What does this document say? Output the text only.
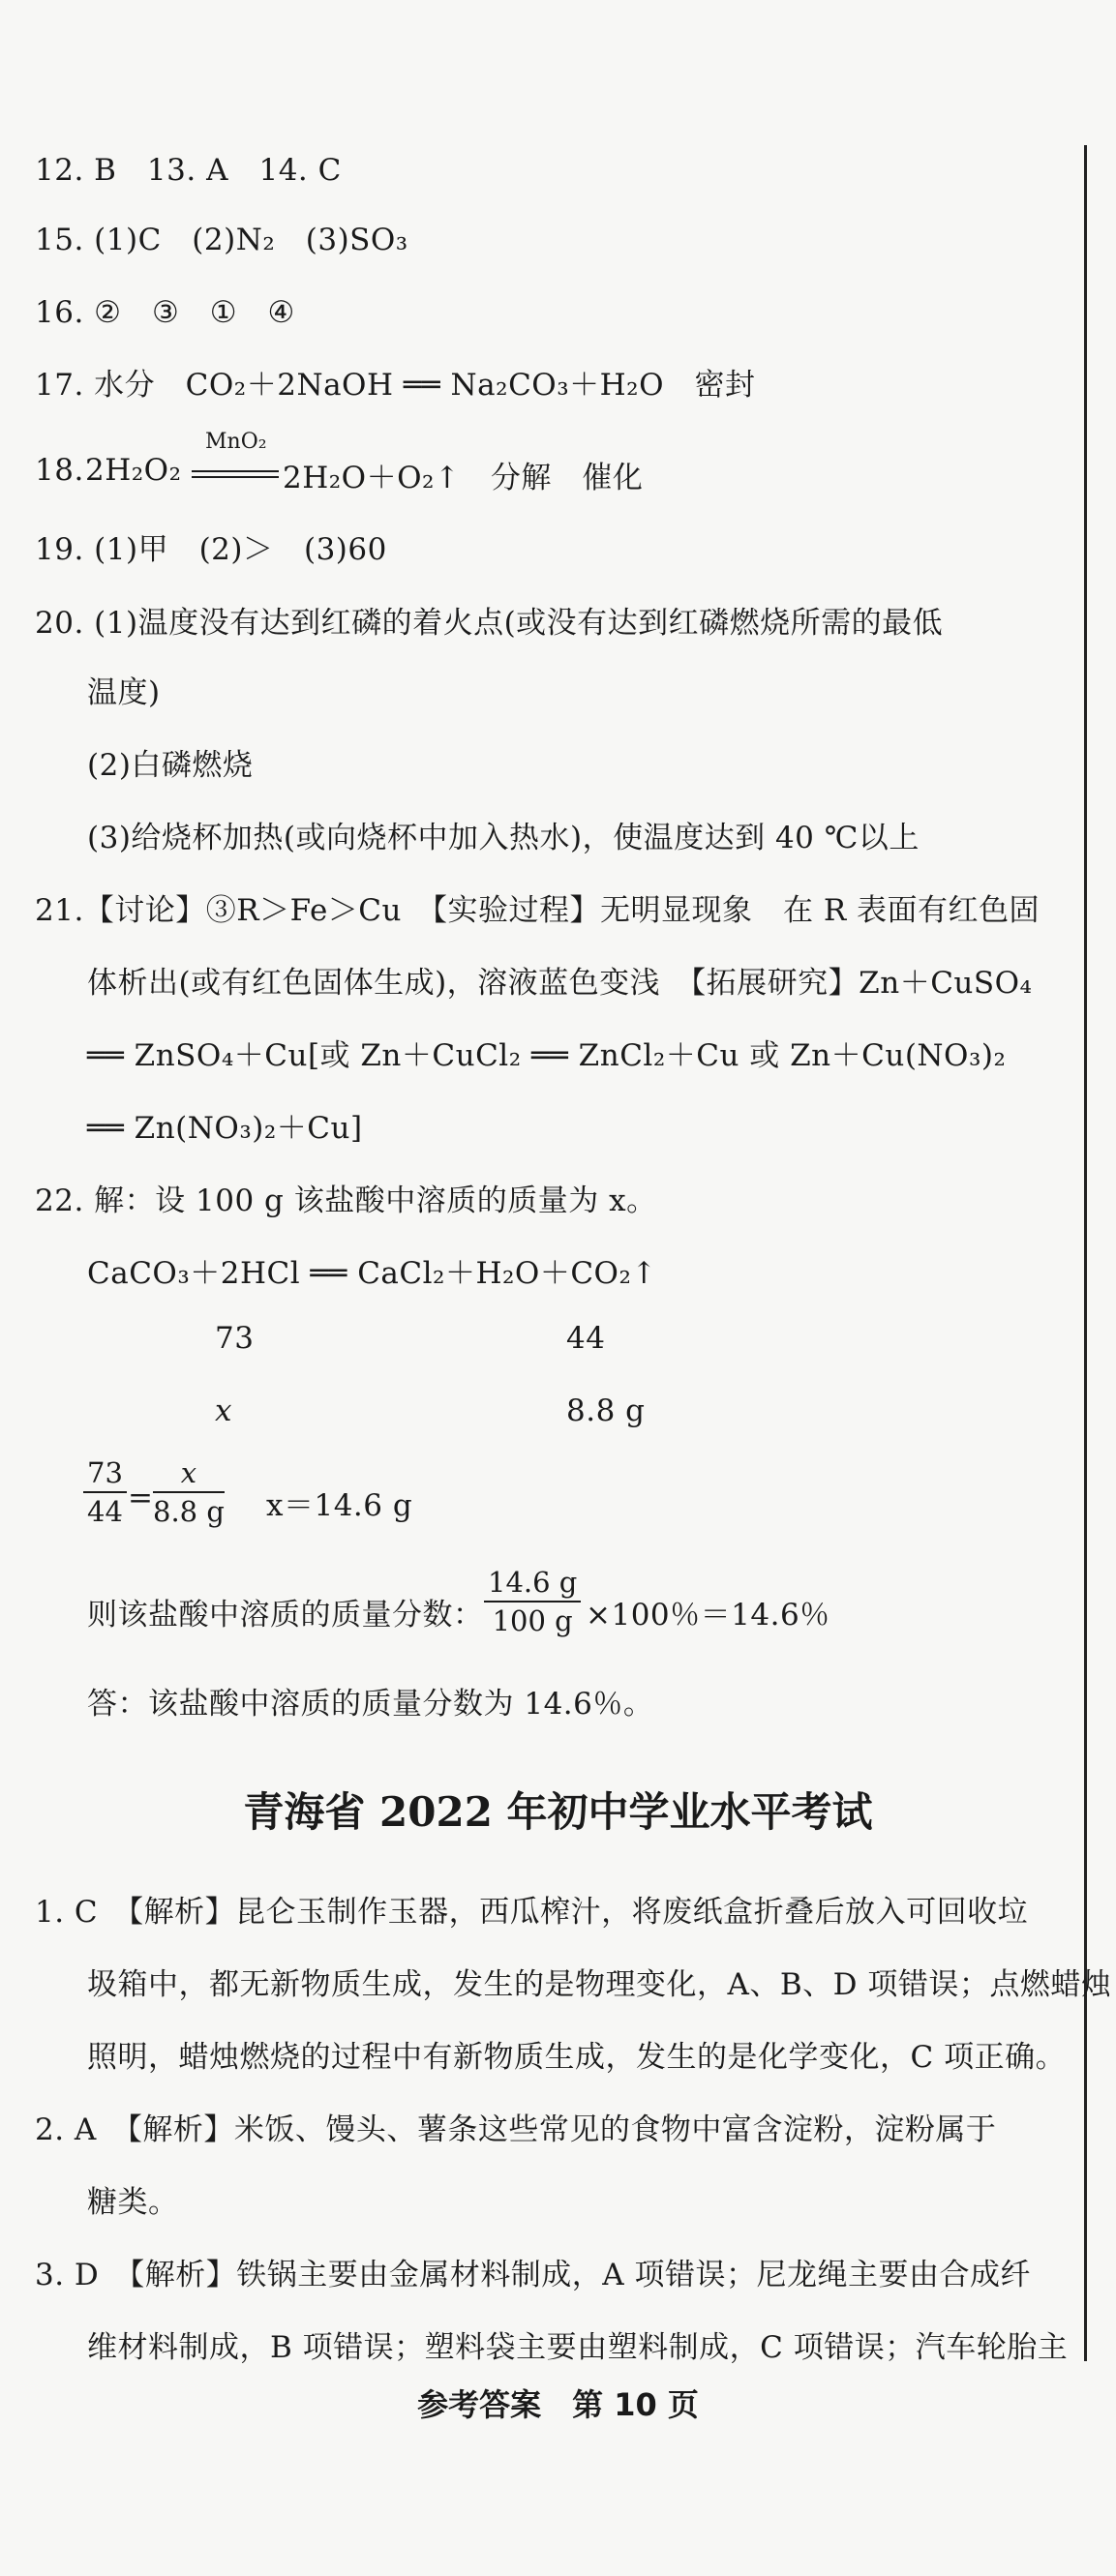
12. B　13. A　14. C
15. (1)C　(2)N₂　(3)SO₃
16. ②　③　①　④
17. 水分　CO₂＋2NaOH ══ Na₂CO₃＋H₂O　密封
18. 2H₂O₂
MnO₂
2H₂O＋O₂↑　分解　催化
19. (1)甲　(2)＞　(3)60
20. (1)温度没有达到红磷的着火点(或没有达到红磷燃烧所需的最低
温度)
(2)白磷燃烧
(3)给烧杯加热(或向烧杯中加入热水)，使温度达到 40 ℃以上
21.【讨论】③R＞Fe＞Cu　【实验过程】无明显现象　在 R 表面有红色固
体析出(或有红色固体生成)，溶液蓝色变浅　【拓展研究】Zn＋CuSO₄
══ ZnSO₄＋Cu[或 Zn＋CuCl₂ ══ ZnCl₂＋Cu 或 Zn＋Cu(NO₃)₂
══ Zn(NO₃)₂＋Cu]
22. 解：设 100 g 该盐酸中溶质的质量为 x。
CaCO₃＋2HCl ══ CaCl₂＋H₂O＋CO₂↑
73	44
x	8.8 g
$\frac{73}{44} = \frac{x}{8.8 g} x=14.6$ g
则该盐酸中溶质的质量分数： $\frac{14.6 g}{100 g} \times 100$％＝14.6％
答：该盐酸中溶质的质量分数为 14.6％。
青海省 2022 年初中学业水平考试
1. C　【解析】昆仑玉制作玉器，西瓜榨汁，将废纸盒折叠后放入可回收垃
圾箱中，都无新物质生成，发生的是物理变化，A、B、D 项错误；点燃蜡烛
照明，蜡烛燃烧的过程中有新物质生成，发生的是化学变化，C 项正确。
2. A　【解析】米饭、馒头、薯条这些常见的食物中富含淀粉，淀粉属于
糖类。
3. D　【解析】铁锅主要由金属材料制成，A 项错误；尼龙绳主要由合成纤
维材料制成，B 项错误；塑料袋主要由塑料制成，C 项错误；汽车轮胎主
参考答案　第 10 页
